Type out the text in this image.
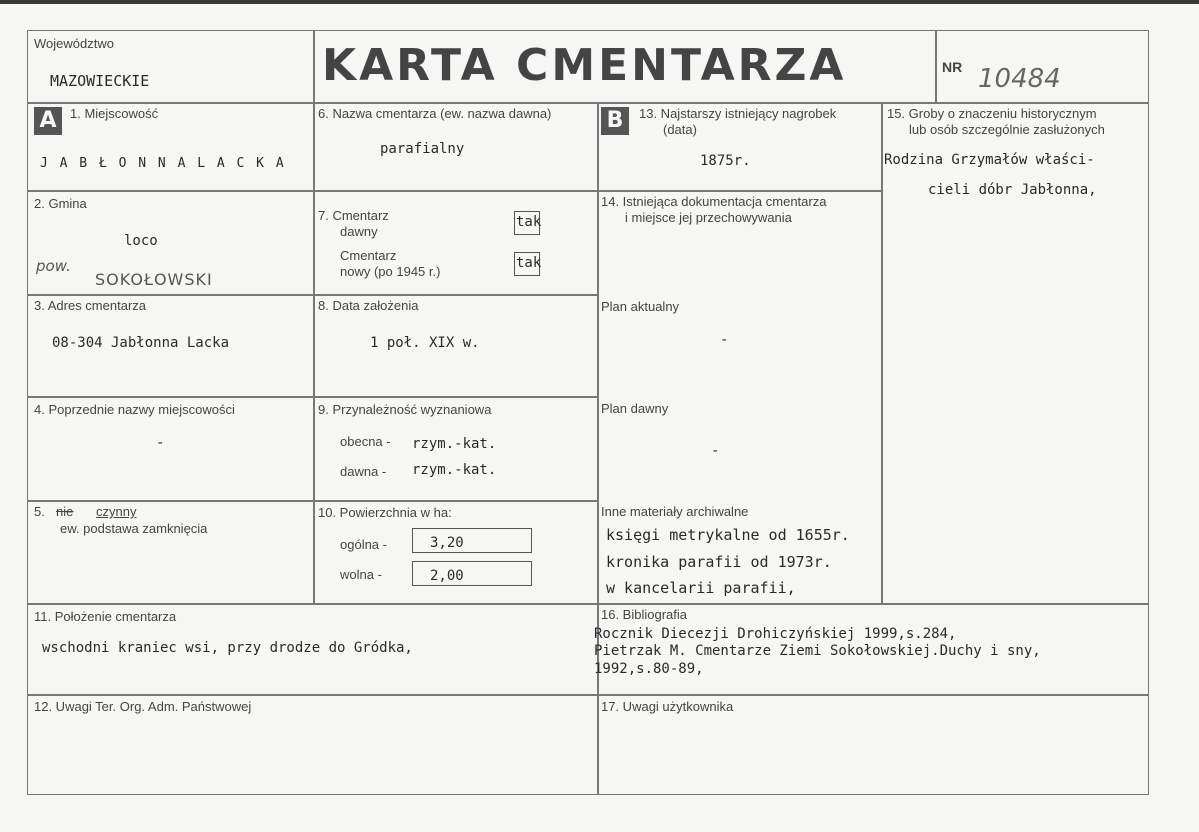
Województwo
MAZOWIECKIE	KARTA CMENTARZA	NR 10484
A 1. Miejscowość
J A B Ł O N N A L A C K A
2. Gmina
loco
pow.
SOKOŁOWSKI
3. Adres cmentarza
08-304 Jabłonna Lacka
4. Poprzednie nazwy miejscowości
-
5. nie czynny
ew. podstawa zamknięcia
6. Nazwa cmentarza (ew. nazwa dawna)
parafialny
7. Cmentarz
dawny
tak
Cmentarz
nowy (po 1945 r.)
tak
8. Data założenia
1 poł. XIX w.
9. Przynależność wyznaniowa
obecna - rzym.-kat.
dawna - rzym.-kat.
10. Powierzchnia w ha:
ogólna -	3,20
wolna -	2,00
B 13. Najstarszy istniejący nagrobek
(data)
1875r.
14. Istniejąca dokumentacja cmentarza
i miejsce jej przechowywania
Plan aktualny
-
Plan dawny
-
Inne materiały archiwalne
księgi metrykalne od 1655r.
kronika parafii od 1973r.
w kancelarii parafii,
15. Groby o znaczeniu historycznym
lub osób szczególnie zasłużonych
Rodzina Grzymałów właści-
cieli dóbr Jabłonna,
11. Położenie cmentarza
wschodni kraniec wsi, przy drodze do Gródka,
16. Bibliografia
Rocznik Diecezji Drohiczyńskiej 1999,s.284,
Pietrzak M. Cmentarze Ziemi Sokołowskiej.Duchy i sny,
1992,s.80-89,
12. Uwagi Ter. Org. Adm. Państwowej	17. Uwagi użytkownika
